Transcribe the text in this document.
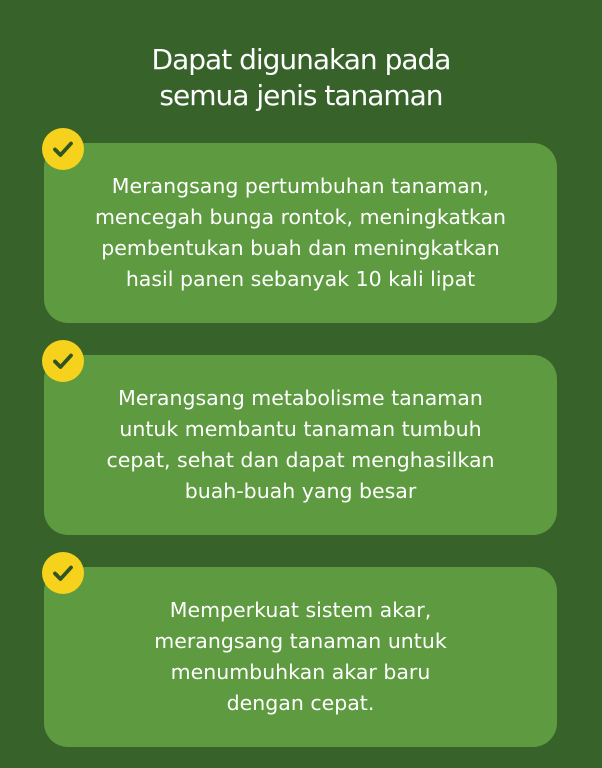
Dapat digunakan pada
semua jenis tanaman
Merangsang pertumbuhan tanaman,
mencegah bunga rontok, meningkatkan
pembentukan buah dan meningkatkan
hasil panen sebanyak 10 kali lipat
Merangsang metabolisme tanaman
untuk membantu tanaman tumbuh
cepat, sehat dan dapat menghasilkan
buah-buah yang besar
Memperkuat sistem akar,
merangsang tanaman untuk
menumbuhkan akar baru
dengan cepat.
